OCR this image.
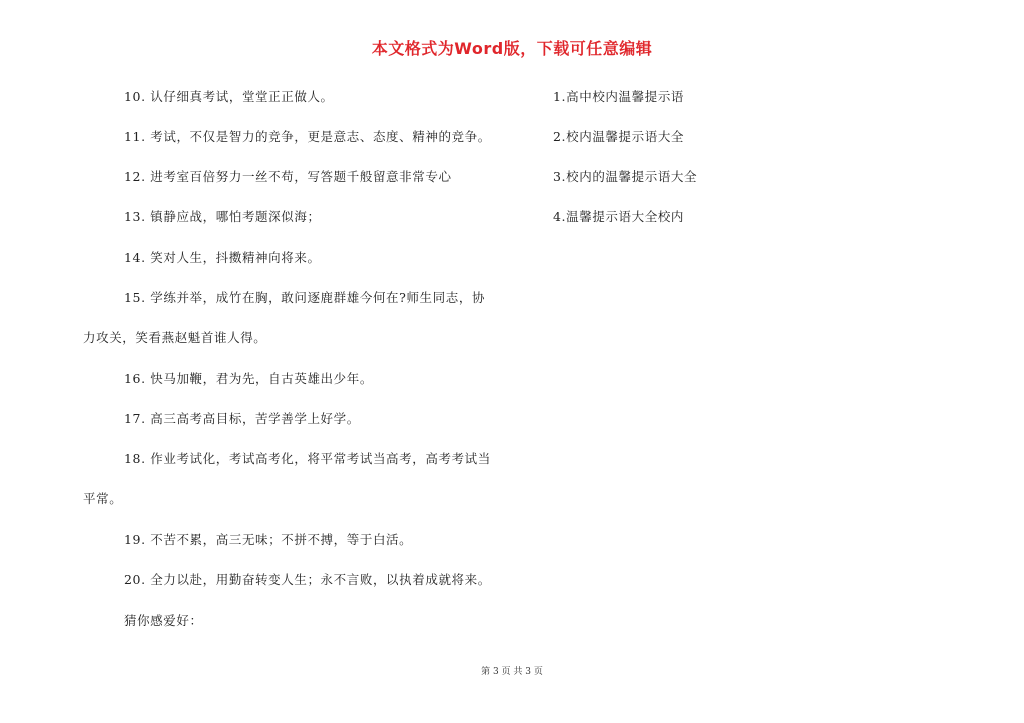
本文格式为Word版，下载可任意编辑
10. 认仔细真考试，堂堂正正做人。
11. 考试，不仅是智力的竞争，更是意志、态度、精神的竞争。
12. 进考室百倍努力一丝不苟，写答题千般留意非常专心
13. 镇静应战，哪怕考题深似海；
14. 笑对人生，抖擞精神向将来。
15. 学练并举，成竹在胸，敢问逐鹿群雄今何在?师生同志，协
力攻关，笑看燕赵魁首谁人得。
16. 快马加鞭，君为先，自古英雄出少年。
17. 高三高考高目标，苦学善学上好学。
18. 作业考试化，考试高考化，将平常考试当高考，高考考试当
平常。
19. 不苦不累，高三无味；不拼不搏，等于白活。
20. 全力以赴，用勤奋转变人生；永不言败，以执着成就将来。
猜你感爱好：
1.高中校内温馨提示语
2.校内温馨提示语大全
3.校内的温馨提示语大全
4.温馨提示语大全校内
第 3 页 共 3 页
